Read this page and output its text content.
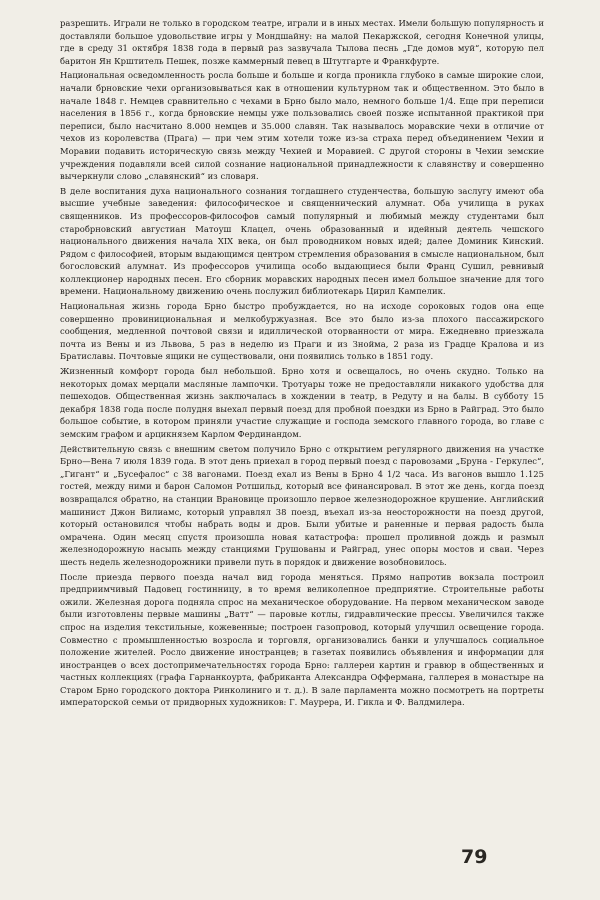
разрешить. Играли не только в городском театре, играли и в иных местах. Имели большую популярность и доставляли большое удовольствие игры у Мондшайну: на малой Пекаржской, сегодня Конечной улицы, где в среду 31 октября 1838 года в первый раз зазвучала Тылова песнь „Где домов муй“, которую пел баритон Ян Крштитель Пешек, позже каммерный певец в Штутгарте и Франкфурте.

Национальная осведомленность росла больше и больше и когда проникла глубоко в самые широкие слои, начали брновские чехи организовываться как в отношении культурном так и общественном. Это было в начале 1848 г. Немцев сравнительно с чехами в Брно было мало, немного больше 1/4. Еще при переписи населения в 1856 г., когда брновские немцы уже пользовались своей позже испытанной практикой при переписи, было насчитано 8.000 немцев и 35.000 славян. Так называлось моравские чехи в отличие от чехов из королевства (Прага) — при чем этим хотели тоже из-за страха перед объединением Чехии и Моравии подавить историческую связь между Чехией и Моравией. С другой стороны в Чехии земские учреждения подавляли всей силой сознание национальной принадлежности к славянству и совершенно вычеркнули слово „славянский“ из словаря.

В деле воспитания духа национального сознания тогдашнего студенчества, большую заслугу имеют оба высшие учебные заведения: философическое и священнический алумнат. Оба училища в руках священников. Из профессоров-философов самый популярный и любимый между студентами был старобрновский августиан Матоуш Клацел, очень образованный и идейный деятель чешского национального движения начала XIX века, он был проводником новых идей; далее Доминик Кинский. Рядом с философией, вторым выдающимся центром стремления образования в смысле национальном, был богословский алумнат. Из профессоров училища особо выдающиеся были Франц Сушил, ревнивый коллекционер народных песен. Его сборник моравских народных песен имел большое значение для того времени. Национальному движению очень послужил библиотекарь Цирил Кампелик.

Национальная жизнь города Брно быстро пробуждается, но на исходе сороковых годов она еще совершенно провинициональная и мелкобуржуазная. Все это было из-за плохого пассажирского сообщения, медленной почтовой связи и идиллической оторванности от мира. Ежедневно приезжала почта из Вены и из Львова, 5 раз в неделю из Праги и из Зноймa, 2 раза из Градце Кралова и из Братиславы. Почтовые ящики не существовали, они появились только в 1851 году.

Жизненный комфорт города был небольшой. Брно хотя и освещалось, но очень скудно. Только на некоторых домах мерцали масляные лампочки. Тротуары тоже не предоставляли никакого удобства для пешеходов. Общественная жизнь заключалась в хождении в театр, в Редуту и на балы. В субботу 15 декабря 1838 года после полудня выехал первый поезд для пробной поездки из Брно в Райград. Это было большое событие, в котором приняли участие служащие и господа земского главного города, во главе с земским графом и арцикнязем Карлом Фердинандом.

Действительную связь с внешним светом получило Брно с открытием регулярного движения на участке Брно—Вена 7 июля 1839 года. В этот день приехал в город первый поезд с паровозами „Бруна - Геркулес“, „Гигант“ и „Бусефалос“ с 38 вагонами. Поезд ехал из Вены в Брно 4 1/2 часа. Из вагонов вышло 1.125 гостей, между ними и барон Саломон Ротшильд, который все финансировал. В этот же день, когда поезд возвращался обратно, на станции Врановице произошло первое железнодорожное крушение. Английский машинист Джон Вилиамс, который управлял 38 поезд, въехал из-за неосторожности на поезд другой, который остановился чтобы набрать воды и дров. Были убитые и раненные и первая радость была омрачена. Один месяц спустя произошла новая катастрофа: прошел проливной дождь и размыл железнодорожную насыпь между станциями Грушованы и Райград, унес опоры мостов и сваи. Через шесть недель железнодорожники привели путь в порядок и движение возобновилось.

После приезда первого поезда начал вид города меняться. Прямо напротив вокзала построил предприимчивый Падовец гостинницу, в то время великолепное предприятие. Строительные работы ожили. Железная дорога подняла спрос на механическое оборудование. На первом механическом заводе были изготовлены первые машины „Ватт“ — паровые котлы, гидравлические прессы. Увеличился также спрос на изделия текстильные, кожевенные; построен газопровод, который улучшил освещение города. Совместно с промышленностью возросла и торговля, организовались банки и улучшалось социальное положение жителей. Росло движение иностранцев; в газетах появились объявления и информации для иностранцев о всех достопримечательностях города Брно: галлереи картин и гравюр в общественных и частных коллекциях (графа Гарнанкоурта, фабриканта Александра Оффермана, галлерея в монастыре на Старом Брно городского доктора Ринколиниго и т. д.). В зале парламента можно посмотреть на портреты императорской семьи от придворных художников: Г. Маурера, И. Гикла и Ф. Валдмилера.

79
